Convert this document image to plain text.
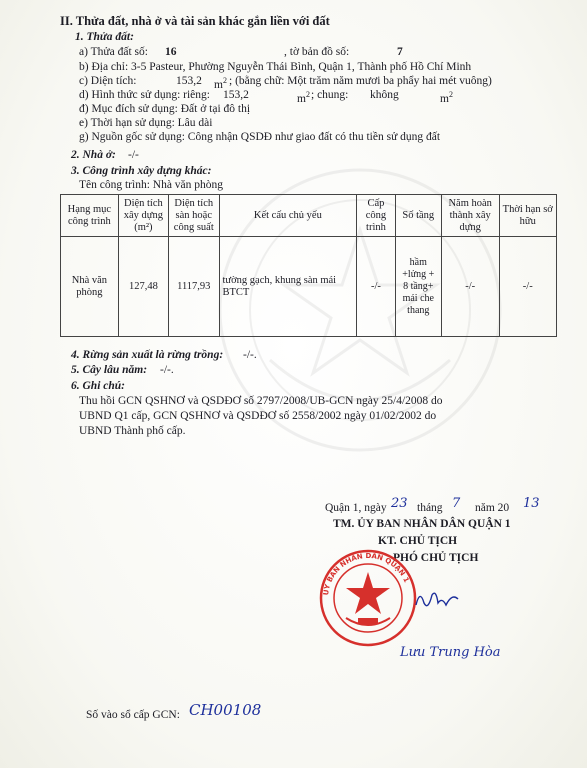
II. Thửa đất, nhà ở và tài sản khác gắn liền với đất
1. Thửa đất:
a) Thửa đất số: 16	, tờ bản đồ số:	7
b) Địa chỉ: 3-5 Pasteur, Phường Nguyễn Thái Bình, Quận 1, Thành phố Hồ Chí Minh
c) Diện tích:	153,2 $m^2$ ; (bằng chữ: Một trăm năm mươi ba phẩy hai mét vuông)
d) Hình thức sử dụng: riêng: 153,2	$m^2$ ; chung: không	$m^2$
đ) Mục đích sử dụng: Đất ở tại đô thị
e) Thời hạn sử dụng: Lâu dài
g) Nguồn gốc sử dụng: Công nhận QSDĐ như giao đất có thu tiền sử dụng đất
2. Nhà ở: -/-
3. Công trình xây dựng khác:
Tên công trình: Nhà văn phòng
Hạng mục công trình	Diện tích xây dựng (m²)	Diện tích sàn hoặc công suất	Kết cấu chủ yếu	Cấp công trình	Số tầng	Năm hoàn thành xây dựng	Thời hạn sở hữu
Nhà văn phòng	127,48	1117,93	tường gạch, khung sàn mái BTCT	-/-	hầm +lửng + 8 tầng+ mái che thang	-/-	-/-
4. Rừng sản xuất là rừng trồng: -/-.
5. Cây lâu năm: -/-.
6. Ghi chú:
Thu hồi GCN QSHNƠ và QSDĐƠ số 2797/2008/UB-GCN ngày 25/4/2008 do
UBND Q1 cấp, GCN QSHNƠ và QSDĐƠ số 2558/2002 ngày 01/02/2002 do
UBND Thành phố cấp.
Quận 1, ngày 23 tháng 7 năm 20 13
TM. ỦY BAN NHÂN DÂN QUẬN 1
KT. CHỦ TỊCH
PHÓ CHỦ TỊCH
ỦY BAN NHÂN DÂN QUẬN 1
Lưu Trung Hòa
Số vào sổ cấp GCN: CH00108
